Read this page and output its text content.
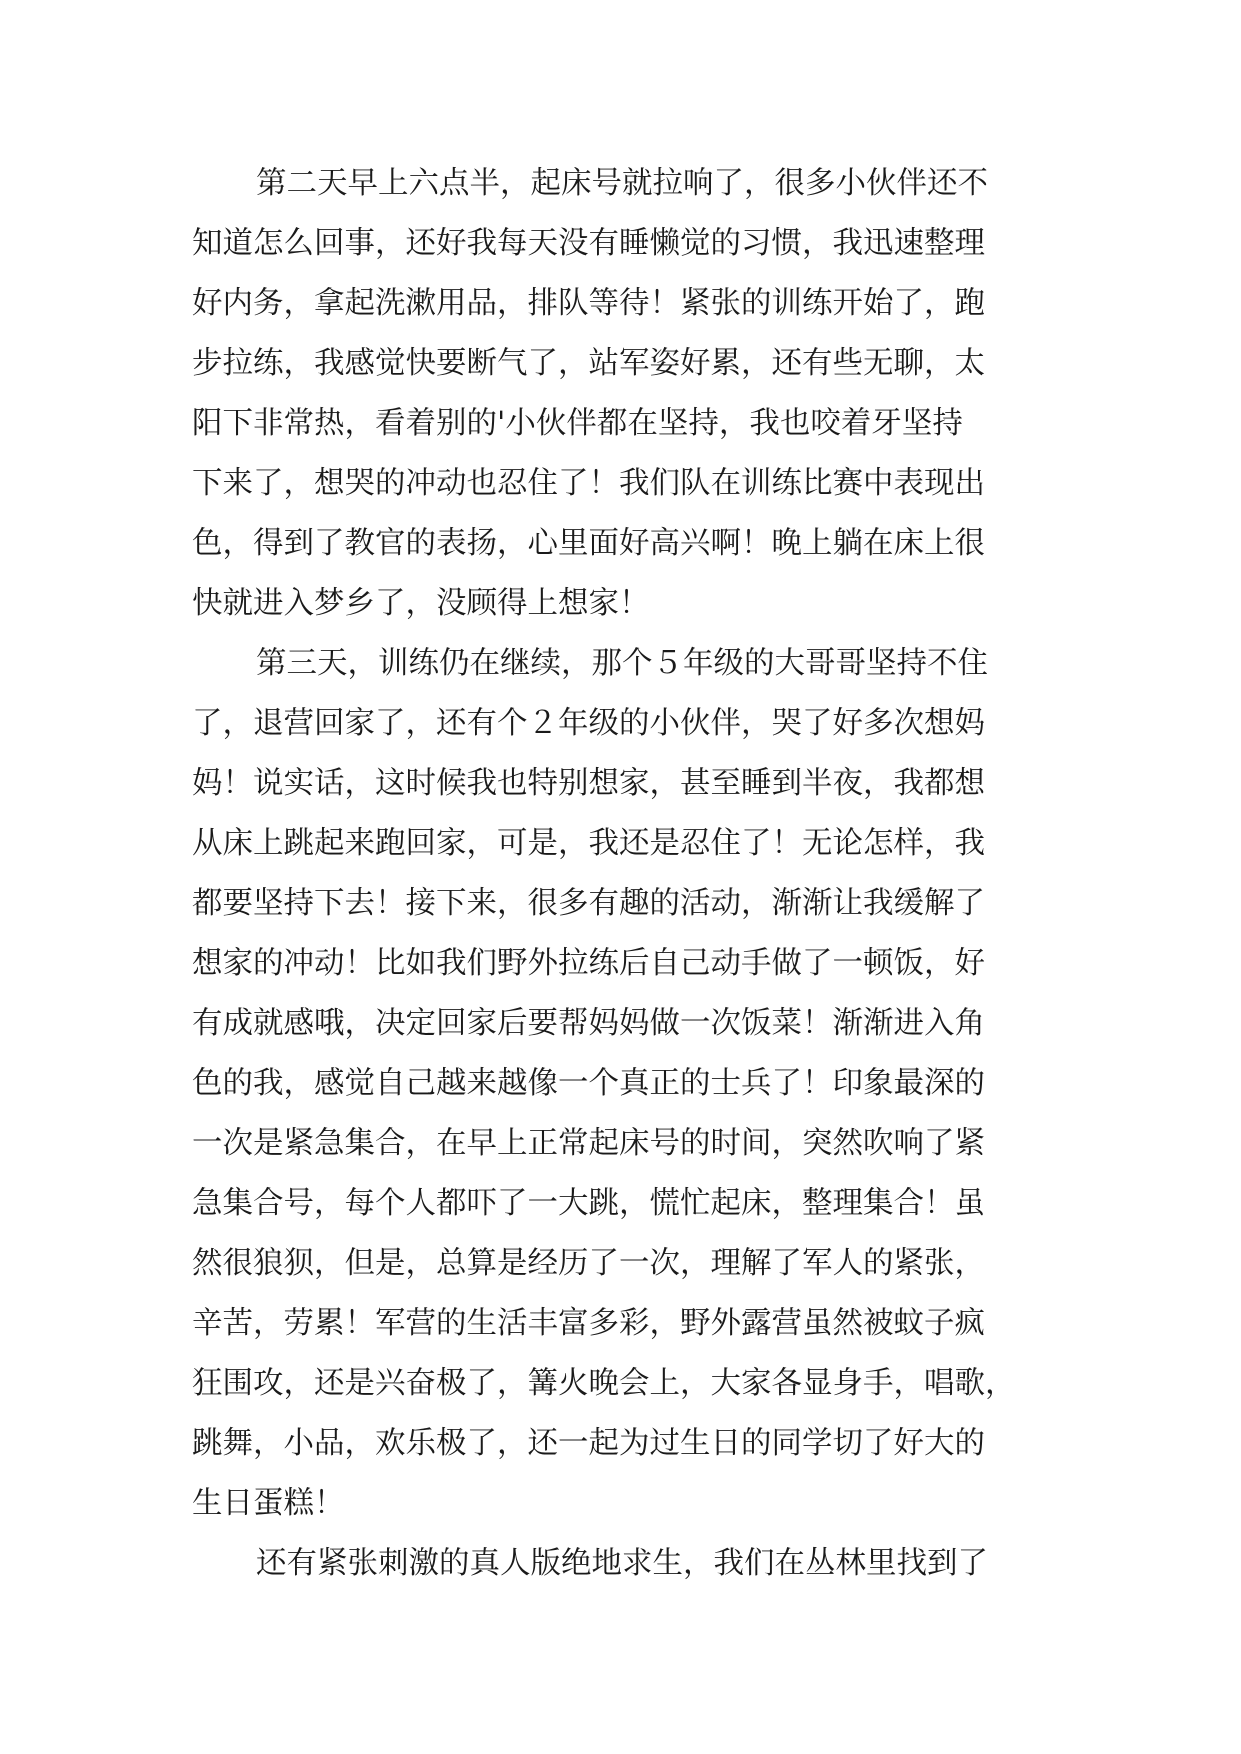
第二天早上六点半，起床号就拉响了，很多小伙伴还不
知道怎么回事，还好我每天没有睡懒觉的习惯，我迅速整理
好内务，拿起洗漱用品，排队等待！紧张的训练开始了，跑
步拉练，我感觉快要断气了，站军姿好累，还有些无聊，太
阳下非常热，看着别的'小伙伴都在坚持，我也咬着牙坚持
下来了，想哭的冲动也忍住了！我们队在训练比赛中表现出
色，得到了教官的表扬，心里面好高兴啊！晚上躺在床上很
快就进入梦乡了，没顾得上想家！
第三天，训练仍在继续，那个５年级的大哥哥坚持不住
了，退营回家了，还有个２年级的小伙伴，哭了好多次想妈
妈！说实话，这时候我也特别想家，甚至睡到半夜，我都想
从床上跳起来跑回家，可是，我还是忍住了！无论怎样，我
都要坚持下去！接下来，很多有趣的活动，渐渐让我缓解了
想家的冲动！比如我们野外拉练后自己动手做了一顿饭，好
有成就感哦，决定回家后要帮妈妈做一次饭菜！渐渐进入角
色的我，感觉自己越来越像一个真正的士兵了！印象最深的
一次是紧急集合，在早上正常起床号的时间，突然吹响了紧
急集合号，每个人都吓了一大跳，慌忙起床，整理集合！虽
然很狼狈，但是，总算是经历了一次，理解了军人的紧张，
辛苦，劳累！军营的生活丰富多彩，野外露营虽然被蚊子疯
狂围攻，还是兴奋极了，篝火晚会上，大家各显身手，唱歌，
跳舞，小品，欢乐极了，还一起为过生日的同学切了好大的
生日蛋糕！
还有紧张刺激的真人版绝地求生，我们在丛林里找到了
